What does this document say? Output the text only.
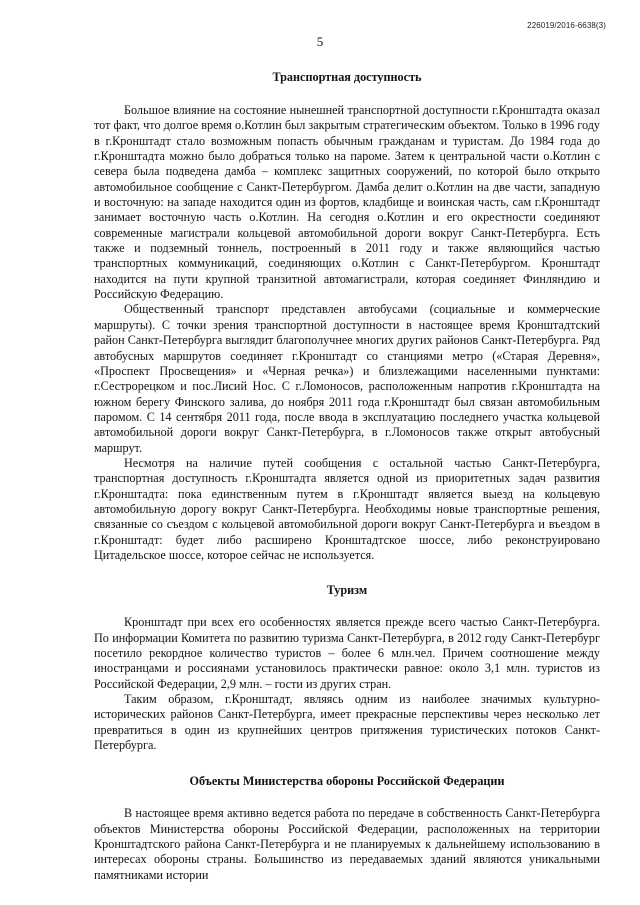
226019/2016-6638(3)
5
Транспортная доступность

Большое влияние на состояние нынешней транспортной доступности г.Кронштадта оказал тот факт, что долгое время о.Котлин был закрытым стратегическим объектом. Только в 1996 году в г.Кронштадт стало возможным попасть обычным гражданам и туристам. До 1984 года до г.Кронштадта можно было добраться только на пароме. Затем к центральной части о.Котлин с севера была подведена дамба – комплекс защитных сооружений, по которой было открыто автомобильное сообщение с Санкт-Петербургом. Дамба делит о.Котлин на две части, западную и восточную: на западе находится один из фортов, кладбище и воинская часть, сам г.Кронштадт занимает восточную часть о.Котлин. На сегодня о.Котлин и его окрестности соединяют современные магистрали кольцевой автомобильной дороги вокруг Санкт-Петербурга. Есть также и подземный тоннель, построенный в 2011 году и также являющийся частью транспортных коммуникаций, соединяющих о.Котлин с Санкт-Петербургом. Кронштадт находится на пути крупной транзитной автомагистрали, которая соединяет Финляндию и Российскую Федерацию.

Общественный транспорт представлен автобусами (социальные и коммерческие маршруты). С точки зрения транспортной доступности в настоящее время Кронштадтский район Санкт-Петербурга выглядит благополучнее многих других районов Санкт-Петербурга. Ряд автобусных маршрутов соединяет г.Кронштадт со станциями метро («Старая Деревня», «Проспект Просвещения» и «Черная речка») и близлежащими населенными пунктами: г.Сестрорецком и пос.Лисий Нос. С г.Ломоносов, расположенным напротив г.Кронштадта на южном берегу Финского залива, до ноября 2011 года г.Кронштадт был связан автомобильным паромом. С 14 сентября 2011 года, после ввода в эксплуатацию последнего участка кольцевой автомобильной дороги вокруг Санкт-Петербурга, в г.Ломоносов также открыт автобусный маршрут.

Несмотря на наличие путей сообщения с остальной частью Санкт-Петербурга, транспортная доступность г.Кронштадта является одной из приоритетных задач развития г.Кронштадта: пока единственным путем в г.Кронштадт является выезд на кольцевую автомобильную дорогу вокруг Санкт-Петербурга. Необходимы новые транспортные решения, связанные со съездом с кольцевой автомобильной дороги вокруг Санкт-Петербурга и въездом в г.Кронштадт: будет либо расширено Кронштадтское шоссе, либо реконструировано Цитадельское шоссе, которое сейчас не используется.

Туризм

Кронштадт при всех его особенностях является прежде всего частью Санкт-Петербурга. По информации Комитета по развитию туризма Санкт-Петербурга, в 2012 году Санкт-Петербург посетило рекордное количество туристов – более 6 млн.чел. Причем соотношение между иностранцами и россиянами установилось практически равное: около 3,1 млн. туристов из Российской Федерации, 2,9 млн. – гости из других стран.

Таким образом, г.Кронштадт, являясь одним из наиболее значимых культурно-исторических районов Санкт-Петербурга, имеет прекрасные перспективы через несколько лет превратиться в один из крупнейших центров притяжения туристических потоков Санкт-Петербурга.

Объекты Министерства обороны Российской Федерации

В настоящее время активно ведется работа по передаче в собственность Санкт-Петербурга объектов Министерства обороны Российской Федерации, расположенных на территории Кронштадтского района Санкт-Петербурга и не планируемых к дальнейшему использованию в интересах обороны страны. Большинство из передаваемых зданий являются уникальными памятниками истории
